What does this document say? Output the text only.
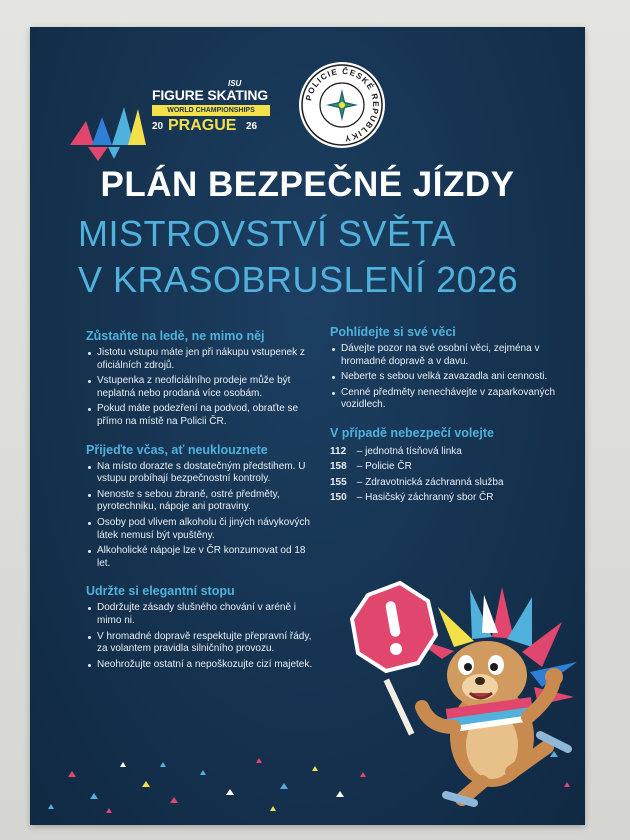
ISU
FIGURE SKATING
WORLD CHAMPIONSHIPS
20 PRAGUE 26
POLICIE ČESKÉ REPUBLIKY
PLÁN BEZPEČNÉ JÍZDY
MISTROVSTVÍ SVĚTA
V KRASOBRUSLENÍ 2026
Zůstaňte na ledě, ne mimo něj
Jistotu vstupu máte jen při nákupu vstupenek z oficiálních zdrojů.
Vstupenka z neoficiálního prodeje může být neplatná nebo prodaná více osobám.
Pokud máte podezření na podvod, obraťte se přímo na místě na Policii ČR.
Přijeďte včas, ať neuklouznete
Na místo dorazte s dostatečným předstihem. U vstupu probíhají bezpečnostní kontroly.
Nenoste s sebou zbraně, ostré předměty, pyrotechniku, nápoje ani potraviny.
Osoby pod vlivem alkoholu či jiných návykových látek nemusí být vpuštěny.
Alkoholické nápoje lze v ČR konzumovat od 18 let.
Udržte si elegantní stopu
Dodržujte zásady slušného chování v aréně i mimo ni.
V hromadné dopravě respektujte přepravní řády, za volantem pravidla silničního provozu.
Neohrožujte ostatní a nepoškozujte cizí majetek.
Pohlídejte si své věci
Dávejte pozor na své osobní věci, zejména v hromadné dopravě a v davu.
Neberte s sebou velká zavazadla ani cennosti.
Cenné předměty nenechávejte v zaparkovaných vozidlech.
V případě nebezpečí volejte
112 – jednotná tísňová linka
158 – Policie ČR
155 – Zdravotnická záchranná služba
150 – Hasičský záchranný sbor ČR
